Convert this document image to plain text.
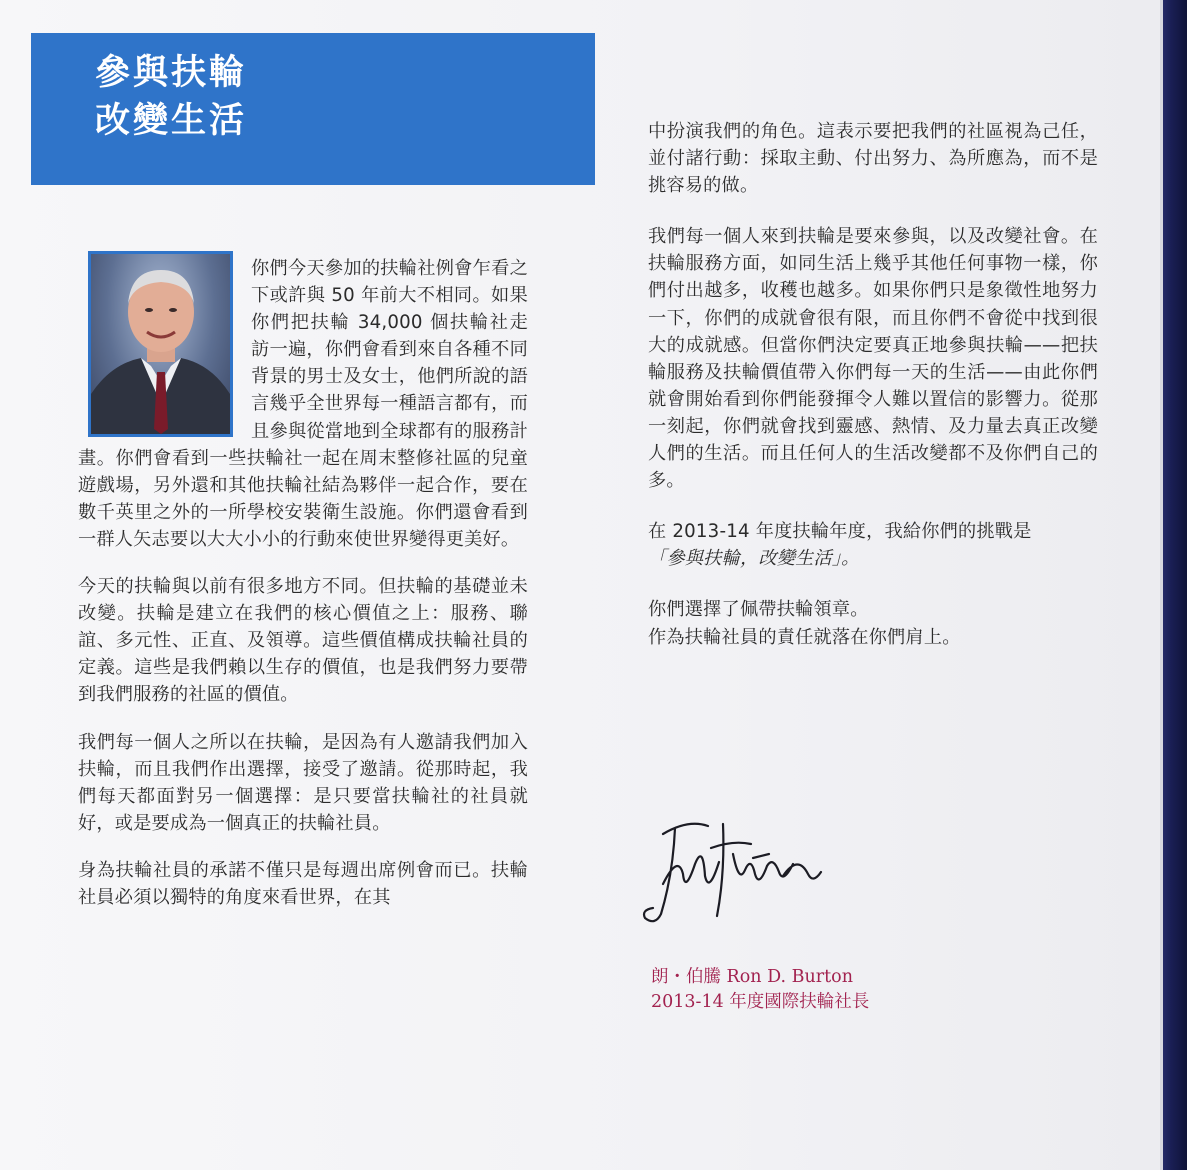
參與扶輪
改變生活

你們今天參加的扶輪社例會乍看之下或許與 50 年前大不相同。如果你們把扶輪 34,000 個扶輪社走訪一遍，你們會看到來自各種不同背景的男士及女士，他們所說的語言幾乎全世界每一種語言都有，而且參與從當地到全球都有的服務計畫。你們會看到一些扶輪社一起在周末整修社區的兒童遊戲場，另外還和其他扶輪社結為夥伴一起合作，要在數千英里之外的一所學校安裝衛生設施。你們還會看到一群人矢志要以大大小小的行動來使世界變得更美好。

今天的扶輪與以前有很多地方不同。但扶輪的基礎並未改變。扶輪是建立在我們的核心價值之上：服務、聯誼、多元性、正直、及領導。這些價值構成扶輪社員的定義。這些是我們賴以生存的價值，也是我們努力要帶到我們服務的社區的價值。

我們每一個人之所以在扶輪，是因為有人邀請我們加入扶輪，而且我們作出選擇，接受了邀請。從那時起，我們每天都面對另一個選擇：是只要當扶輪社的社員就好，或是要成為一個真正的扶輪社員。

身為扶輪社員的承諾不僅只是每週出席例會而已。扶輪社員必須以獨特的角度來看世界，在其

中扮演我們的角色。這表示要把我們的社區視為己任，並付諸行動：採取主動、付出努力、為所應為，而不是挑容易的做。

我們每一個人來到扶輪是要來參與，以及改變社會。在扶輪服務方面，如同生活上幾乎其他任何事物一樣，你們付出越多，收穫也越多。如果你們只是象徵性地努力一下，你們的成就會很有限，而且你們不會從中找到很大的成就感。但當你們決定要真正地參與扶輪——把扶輪服務及扶輪價值帶入你們每一天的生活——由此你們就會開始看到你們能發揮令人難以置信的影響力。從那一刻起，你們就會找到靈感、熱情、及力量去真正改變人們的生活。而且任何人的生活改變都不及你們自己的多。

在 2013-14 年度扶輪年度，我給你們的挑戰是
「參與扶輪，改變生活」。

你們選擇了佩帶扶輪領章。
作為扶輪社員的責任就落在你們肩上。

朗・伯騰 Ron D. Burton
2013-14 年度國際扶輪社長
